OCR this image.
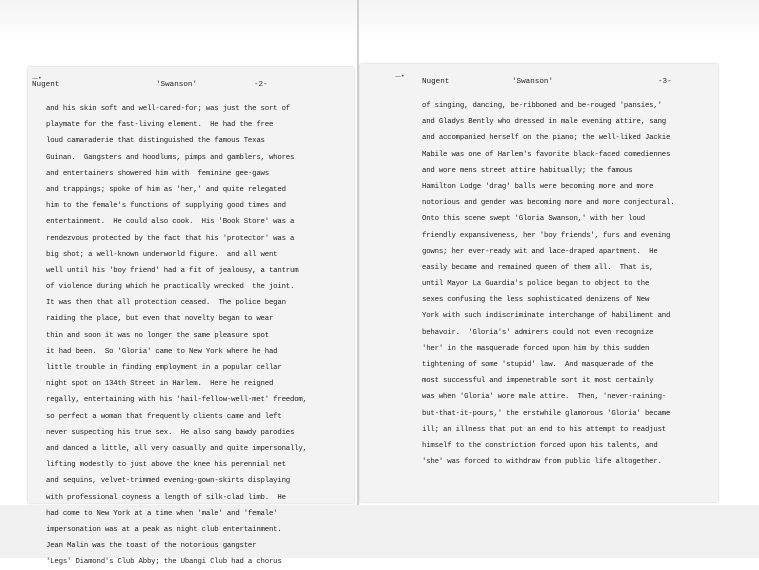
—•

Nugent

	'Swanson'

	-2-

and his skin soft and well-cared-for; was just the sort of
playmate for the fast-living element.  He had the free
loud camaraderie that distinguished the famous Texas
Guinan.  Gangsters and hoodlums, pimps and gamblers, whores
and entertainers showered him with  feminine gee-gaws
and trappings; spoke of him as 'her,' and quite relegated
him to the female's functions of supplying good times and
entertainment.  He could also cook.  His 'Book Store' was a
rendezvous protected by the fact that his 'protector' was a
big shot; a well-known underworld figure.  and all went
well until his 'boy friend' had a fit of jealousy, a tantrum
of violence during which he practically wrecked  the joint.
It was then that all protection ceased.  The police began
raiding the place, but even that novelty began to wear
thin and soon it was no longer the same pleasure spot
it had been.  So 'Gloria' came to New York where he had
little trouble in finding employment in a popular cellar
night spot on 134th Street in Harlem.  Here he reigned
regally, entertaining with his 'hail-fellow-well-met' freedom,
so perfect a woman that frequently clients came and left
never suspecting his true sex.  He also sang bawdy parodies
and danced a little, all very casually and quite impersonally,
lifting modestly to just above the knee his perennial net
and sequins, velvet-trimmed evening-gown-skirts displaying
with professional coyness a length of silk-clad limb.  He
had come to New York at a time when 'male' and 'female'
impersonation was at a peak as night club entertainment.
Jean Malin was the toast of the notorious gangster
'Legs' Diamond's Club Abby; the Ubangi Club had a chorus
—•

Nugent

	'Swanson'

	-3-

of singing, dancing, be-ribboned and be-rouged 'pansies,'
and Gladys Bently who dressed in male evening attire, sang
and accompanied herself on the piano; the well-liked Jackie
Mabile was one of Harlem's favorite black-faced comediennes
and wore mens street attire habitually; the famous
Hamilton Lodge 'drag' balls were becoming more and more
notorious and gender was becoming more and more conjectural.
Onto this scene swept 'Gloria Swanson,' with her loud
friendly expansiveness, her 'boy friends', furs and evening
gowns; her ever-ready wit and lace-draped apartment.  He
easily became and remained queen of them all.  That is,
until Mayor La Guardia's police began to object to the
sexes confusing the less sophisticated denizens of New
York with such indiscriminate interchange of habiliment and
behavoir.  'Gloria's' admirers could not even recognize
'her' in the masquerade forced upon him by this sudden
tightening of some 'stupid' law.  And masquerade of the
most successful and impenetrable sort it most certainly
was when 'Gloria' wore male attire.  Then, 'never-raining-
but-that-it-pours,' the erstwhile glamorous 'Gloria' became
ill; an illness that put an end to his attempt to readjust
himself to the constriction forced upon his talents, and
'she' was forced to withdraw from public life altogether.
